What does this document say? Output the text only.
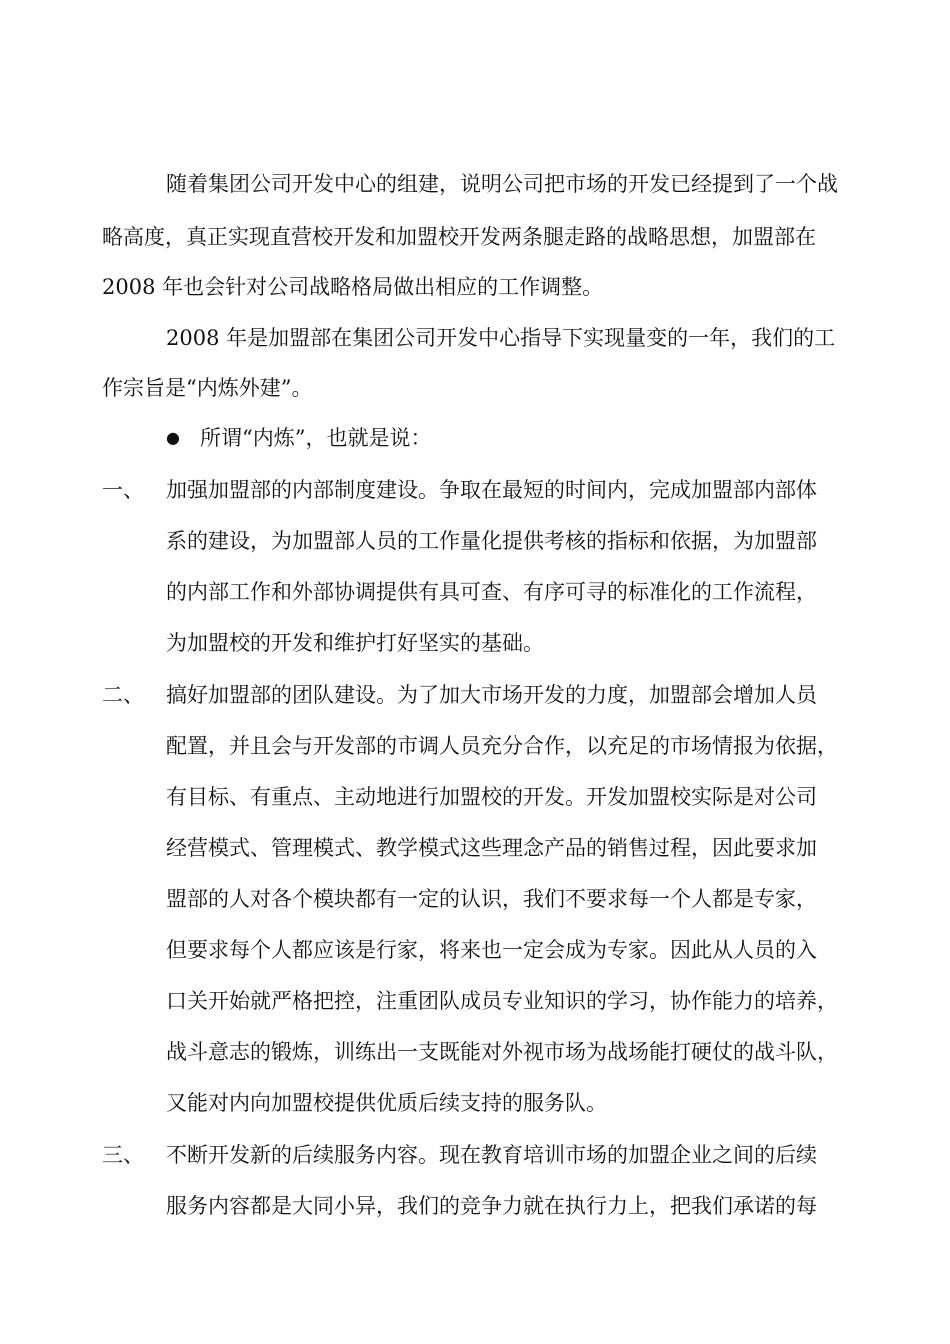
随着集团公司开发中心的组建，说明公司把市场的开发已经提到了一个战
略高度，真正实现直营校开发和加盟校开发两条腿走路的战略思想，加盟部在
2008 年也会针对公司战略格局做出相应的工作调整。
2008 年是加盟部在集团公司开发中心指导下实现量变的一年，我们的工
作宗旨是“内炼外建”。
● 所谓“内炼”，也就是说：
一、 加强加盟部的内部制度建设。争取在最短的时间内，完成加盟部内部体
系的建设，为加盟部人员的工作量化提供考核的指标和依据，为加盟部
的内部工作和外部协调提供有具可查、有序可寻的标准化的工作流程，
为加盟校的开发和维护打好坚实的基础。
二、 搞好加盟部的团队建设。为了加大市场开发的力度，加盟部会增加人员
配置，并且会与开发部的市调人员充分合作，以充足的市场情报为依据，
有目标、有重点、主动地进行加盟校的开发。开发加盟校实际是对公司
经营模式、管理模式、教学模式这些理念产品的销售过程，因此要求加
盟部的人对各个模块都有一定的认识，我们不要求每一个人都是专家，
但要求每个人都应该是行家，将来也一定会成为专家。因此从人员的入
口关开始就严格把控，注重团队成员专业知识的学习，协作能力的培养，
战斗意志的锻炼，训练出一支既能对外视市场为战场能打硬仗的战斗队，
又能对内向加盟校提供优质后续支持的服务队。
三、 不断开发新的后续服务内容。现在教育培训市场的加盟企业之间的后续
服务内容都是大同小异，我们的竞争力就在执行力上，把我们承诺的每
